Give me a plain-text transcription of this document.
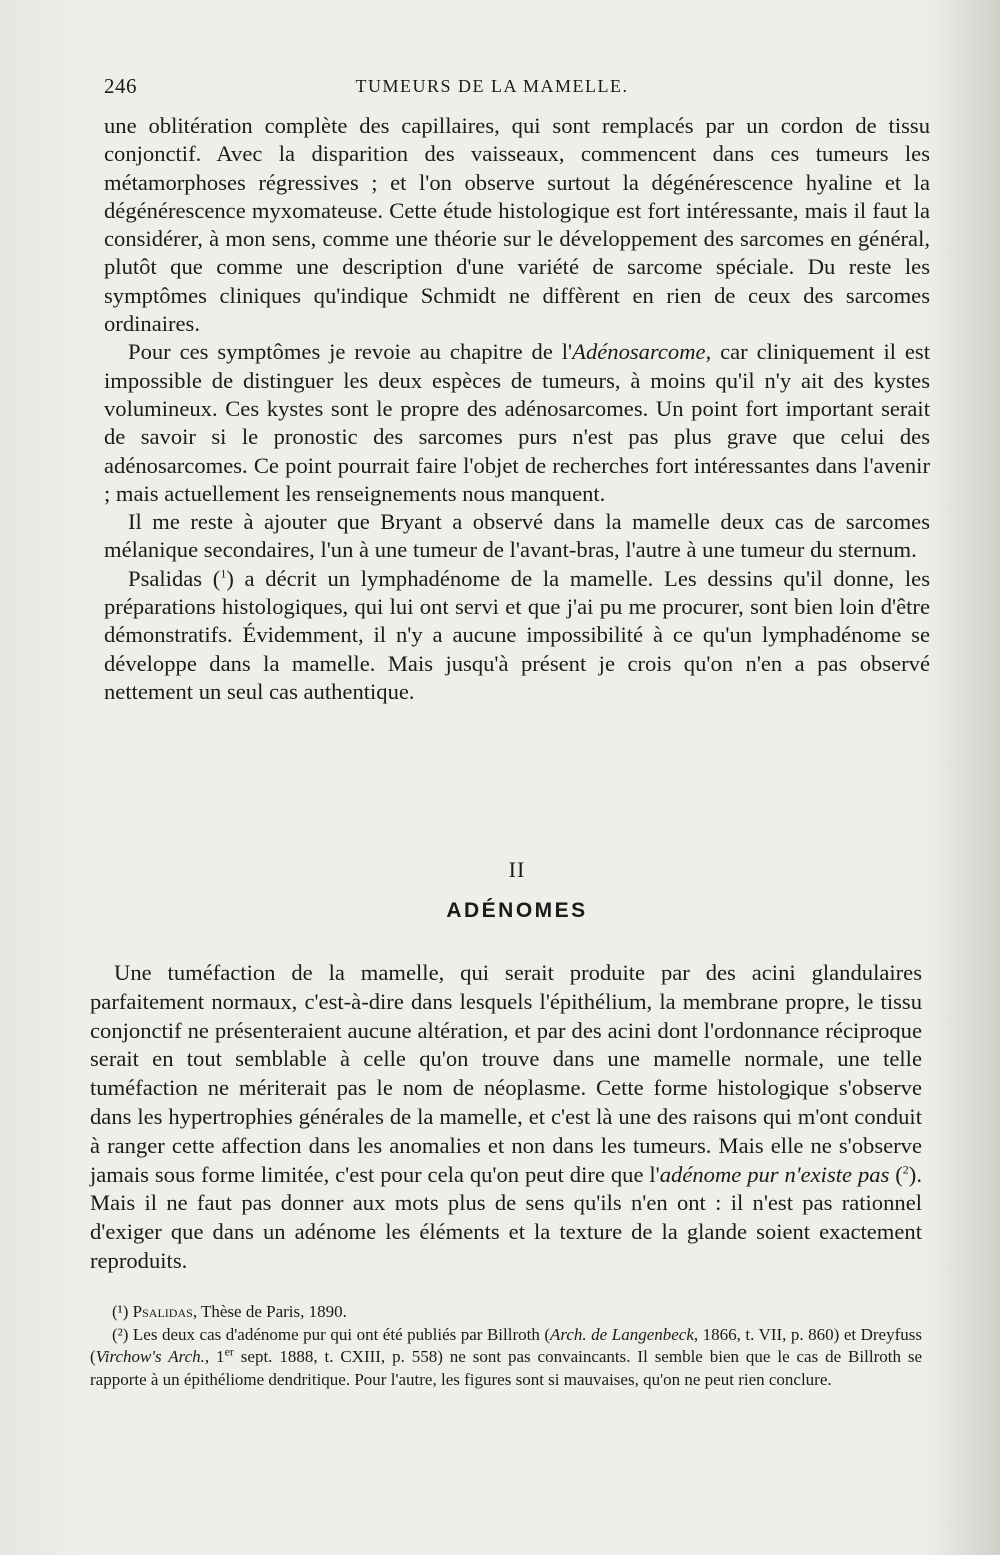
246	TUMEURS DE LA MAMELLE.

une oblitération complète des capillaires, qui sont remplacés par un cordon de tissu conjonctif. Avec la disparition des vaisseaux, commencent dans ces tumeurs les métamorphoses régressives ; et l'on observe surtout la dégénérescence hyaline et la dégénérescence myxomateuse. Cette étude histologique est fort intéressante, mais il faut la considérer, à mon sens, comme une théorie sur le développement des sarcomes en général, plutôt que comme une description d'une variété de sarcome spéciale. Du reste les symptômes cliniques qu'indique Schmidt ne diffèrent en rien de ceux des sarcomes ordinaires.

Pour ces symptômes je revoie au chapitre de l'Adénosarcome, car cliniquement il est impossible de distinguer les deux espèces de tumeurs, à moins qu'il n'y ait des kystes volumineux. Ces kystes sont le propre des adénosarcomes. Un point fort important serait de savoir si le pronostic des sarcomes purs n'est pas plus grave que celui des adénosarcomes. Ce point pourrait faire l'objet de recherches fort intéressantes dans l'avenir ; mais actuellement les renseignements nous manquent.

Il me reste à ajouter que Bryant a observé dans la mamelle deux cas de sarcomes mélanique secondaires, l'un à une tumeur de l'avant-bras, l'autre à une tumeur du sternum.

Psalidas ($^1$) a décrit un lymphadénome de la mamelle. Les dessins qu'il donne, les préparations histologiques, qui lui ont servi et que j'ai pu me procurer, sont bien loin d'être démonstratifs. Évidemment, il n'y a aucune impossibilité à ce qu'un lymphadénome se développe dans la mamelle. Mais jusqu'à présent je crois qu'on n'en a pas observé nettement un seul cas authentique.

II
ADÉNOMES

Une tuméfaction de la mamelle, qui serait produite par des acini glandulaires parfaitement normaux, c'est-à-dire dans lesquels l'épithélium, la membrane propre, le tissu conjonctif ne présenteraient aucune altération, et par des acini dont l'ordonnance réciproque serait en tout semblable à celle qu'on trouve dans une mamelle normale, une telle tuméfaction ne mériterait pas le nom de néoplasme. Cette forme histologique s'observe dans les hypertrophies générales de la mamelle, et c'est là une des raisons qui m'ont conduit à ranger cette affection dans les anomalies et non dans les tumeurs. Mais elle ne s'observe jamais sous forme limitée, c'est pour cela qu'on peut dire que l'adénome pur n'existe pas ($^2$). Mais il ne faut pas donner aux mots plus de sens qu'ils n'en ont : il n'est pas rationnel d'exiger que dans un adénome les éléments et la texture de la glande soient exactement reproduits.

(¹) Psalidas, Thèse de Paris, 1890.

(²) Les deux cas d'adénome pur qui ont été publiés par Billroth (Arch. de Langenbeck, 1866, t. VII, p. 860) et Dreyfuss (Virchow's Arch., 1er sept. 1888, t. CXIII, p. 558) ne sont pas convaincants. Il semble bien que le cas de Billroth se rapporte à un épithéliome dendritique. Pour l'autre, les figures sont si mauvaises, qu'on ne peut rien conclure.
